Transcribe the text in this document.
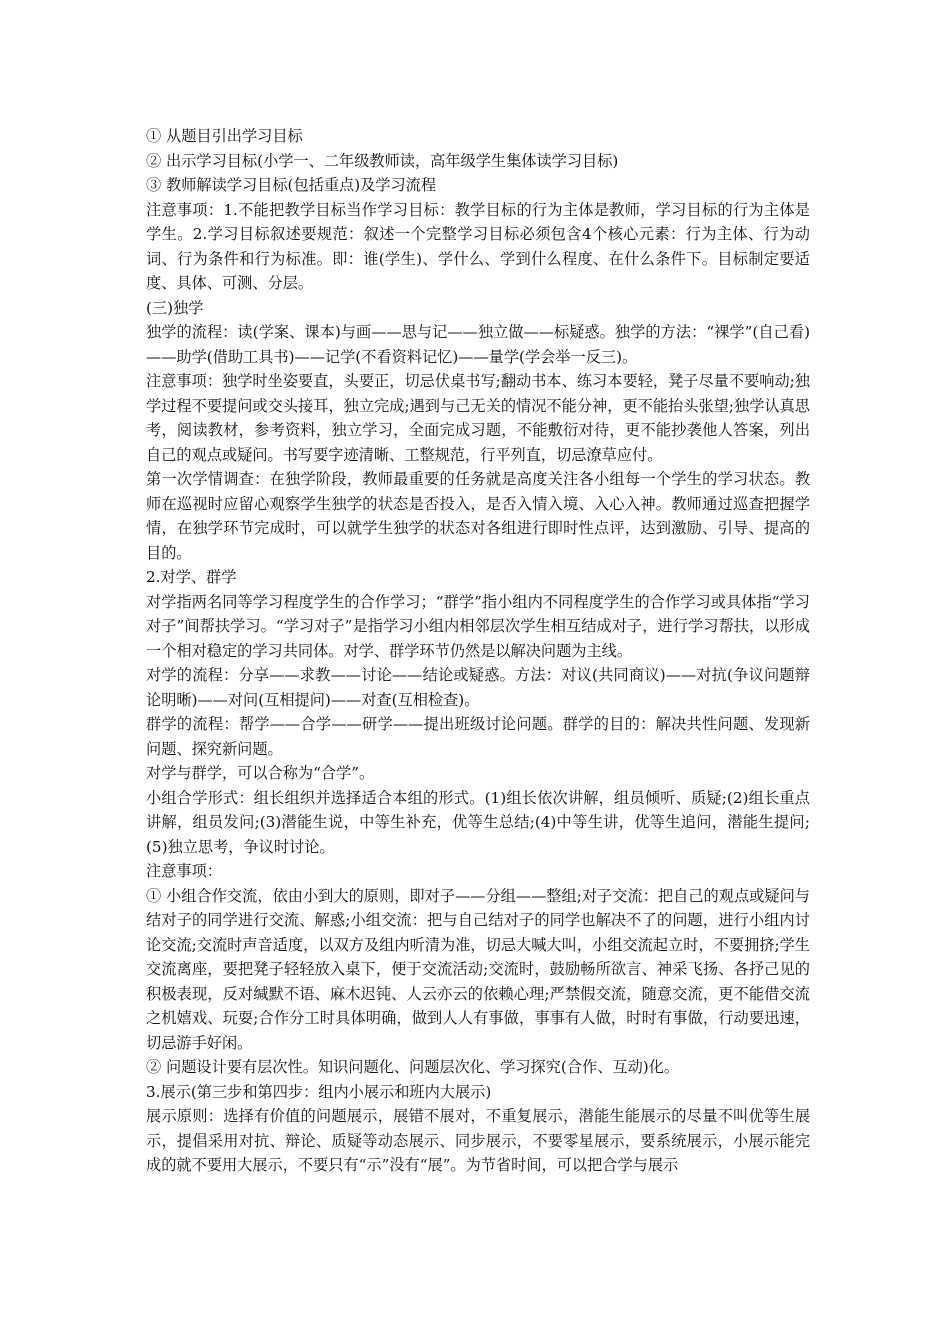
① 从题目引出学习目标

② 出示学习目标(小学一、二年级教师读，高年级学生集体读学习目标)

③ 教师解读学习目标(包括重点)及学习流程

注意事项：1.不能把教学目标当作学习目标：教学目标的行为主体是教师，学习目标的行为主体是学生。2.学习目标叙述要规范：叙述一个完整学习目标必须包含4个核心元素：行为主体、行为动词、行为条件和行为标准。即：谁(学生)、学什么、学到什么程度、在什么条件下。目标制定要适度、具体、可测、分层。

(三)独学

独学的流程：读(学案、课本)与画——思与记——独立做——标疑惑。独学的方法：“裸学”(自己看)——助学(借助工具书)——记学(不看资料记忆)——量学(学会举一反三)。

注意事项：独学时坐姿要直，头要正，切忌伏桌书写;翻动书本、练习本要轻，凳子尽量不要响动;独学过程不要提问或交头接耳，独立完成;遇到与己无关的情况不能分神，更不能抬头张望;独学认真思考，阅读教材，参考资料，独立学习，全面完成习题，不能敷衍对待，更不能抄袭他人答案，列出自己的观点或疑问。书写要字迹清晰、工整规范，行平列直，切忌潦草应付。

第一次学情调查：在独学阶段，教师最重要的任务就是高度关注各小组每一个学生的学习状态。教师在巡视时应留心观察学生独学的状态是否投入，是否入情入境、入心入神。教师通过巡查把握学情，在独学环节完成时，可以就学生独学的状态对各组进行即时性点评，达到激励、引导、提高的目的。

2.对学、群学

对学指两名同等学习程度学生的合作学习；“群学”指小组内不同程度学生的合作学习或具体指“学习对子”间帮扶学习。“学习对子”是指学习小组内相邻层次学生相互结成对子，进行学习帮扶，以形成一个相对稳定的学习共同体。对学、群学环节仍然是以解决问题为主线。

对学的流程：分享——求教——讨论——结论或疑惑。方法：对议(共同商议)——对抗(争议问题辩论明晰)——对问(互相提问)——对查(互相检查)。

群学的流程：帮学——合学——研学——提出班级讨论问题。群学的目的：解决共性问题、发现新问题、探究新问题。

对学与群学，可以合称为“合学”。

小组合学形式：组长组织并选择适合本组的形式。(1)组长依次讲解，组员倾听、质疑;(2)组长重点讲解，组员发问;(3)潜能生说，中等生补充，优等生总结;(4)中等生讲，优等生追问，潜能生提问;(5)独立思考，争议时讨论。

注意事项：

① 小组合作交流，依由小到大的原则，即对子——分组——整组;对子交流：把自己的观点或疑问与结对子的同学进行交流、解惑;小组交流：把与自己结对子的同学也解决不了的问题，进行小组内讨论交流;交流时声音适度，以双方及组内听清为准，切忌大喊大叫，小组交流起立时，不要拥挤;学生交流离座，要把凳子轻轻放入桌下，便于交流活动;交流时，鼓励畅所欲言、神采飞扬、各抒己见的积极表现，反对缄默不语、麻木迟钝、人云亦云的依赖心理;严禁假交流，随意交流，更不能借交流之机嬉戏、玩耍;合作分工时具体明确，做到人人有事做，事事有人做，时时有事做，行动要迅速，切忌游手好闲。

② 问题设计要有层次性。知识问题化、问题层次化、学习探究(合作、互动)化。

3.展示(第三步和第四步：组内小展示和班内大展示)

展示原则：选择有价值的问题展示，展错不展对，不重复展示，潜能生能展示的尽量不叫优等生展示，提倡采用对抗、辩论、质疑等动态展示、同步展示，不要零星展示，要系统展示，小展示能完成的就不要用大展示，不要只有“示”没有“展”。为节省时间，可以把合学与展示
